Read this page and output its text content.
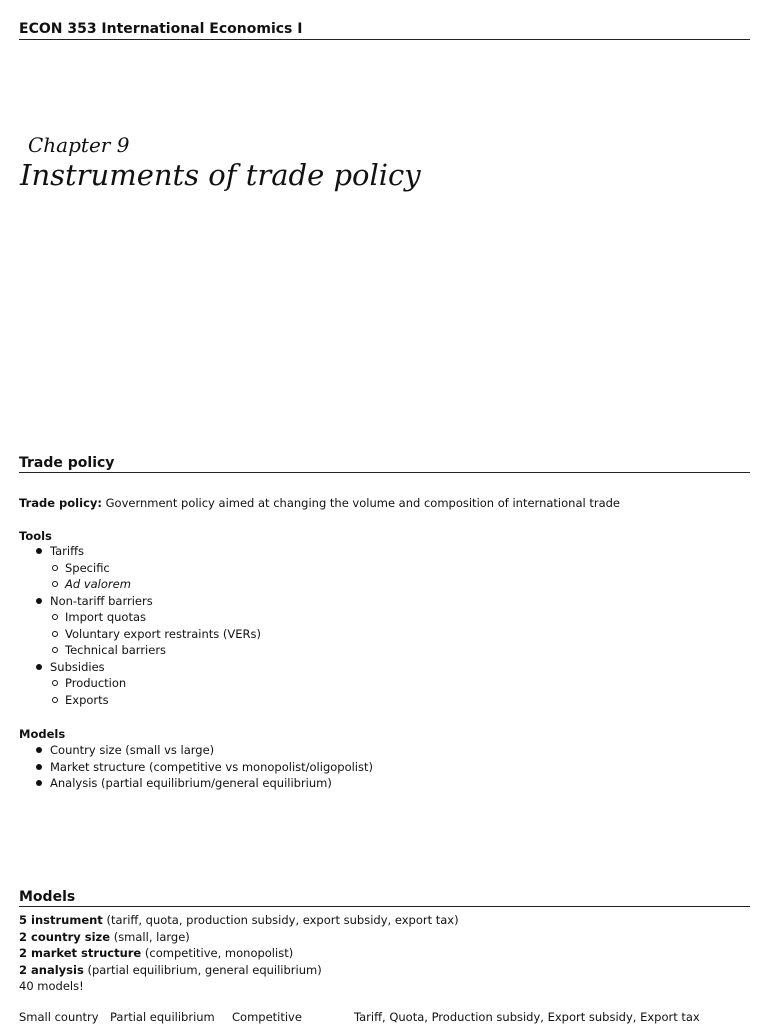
ECON 353 International Economics I
Chapter 9
Instruments of trade policy
Trade policy
Trade policy: Government policy aimed at changing the volume and composition of international trade
Tools
Tariffs
Specific
Ad valorem
Non-tariff barriers
Import quotas
Voluntary export restraints (VERs)
Technical barriers
Subsidies
Production
Exports
Models
Country size (small vs large)
Market structure (competitive vs monopolist/oligopolist)
Analysis (partial equilibrium/general equilibrium)
Models
5 instrument (tariff, quota, production subsidy, export subsidy, export tax)
2 country size (small, large)
2 market structure (competitive, monopolist)
2 analysis (partial equilibrium, general equilibrium)
40 models!
Small country Partial equilibrium Competitive	Tariff, Quota, Production subsidy, Export subsidy, Export tax
